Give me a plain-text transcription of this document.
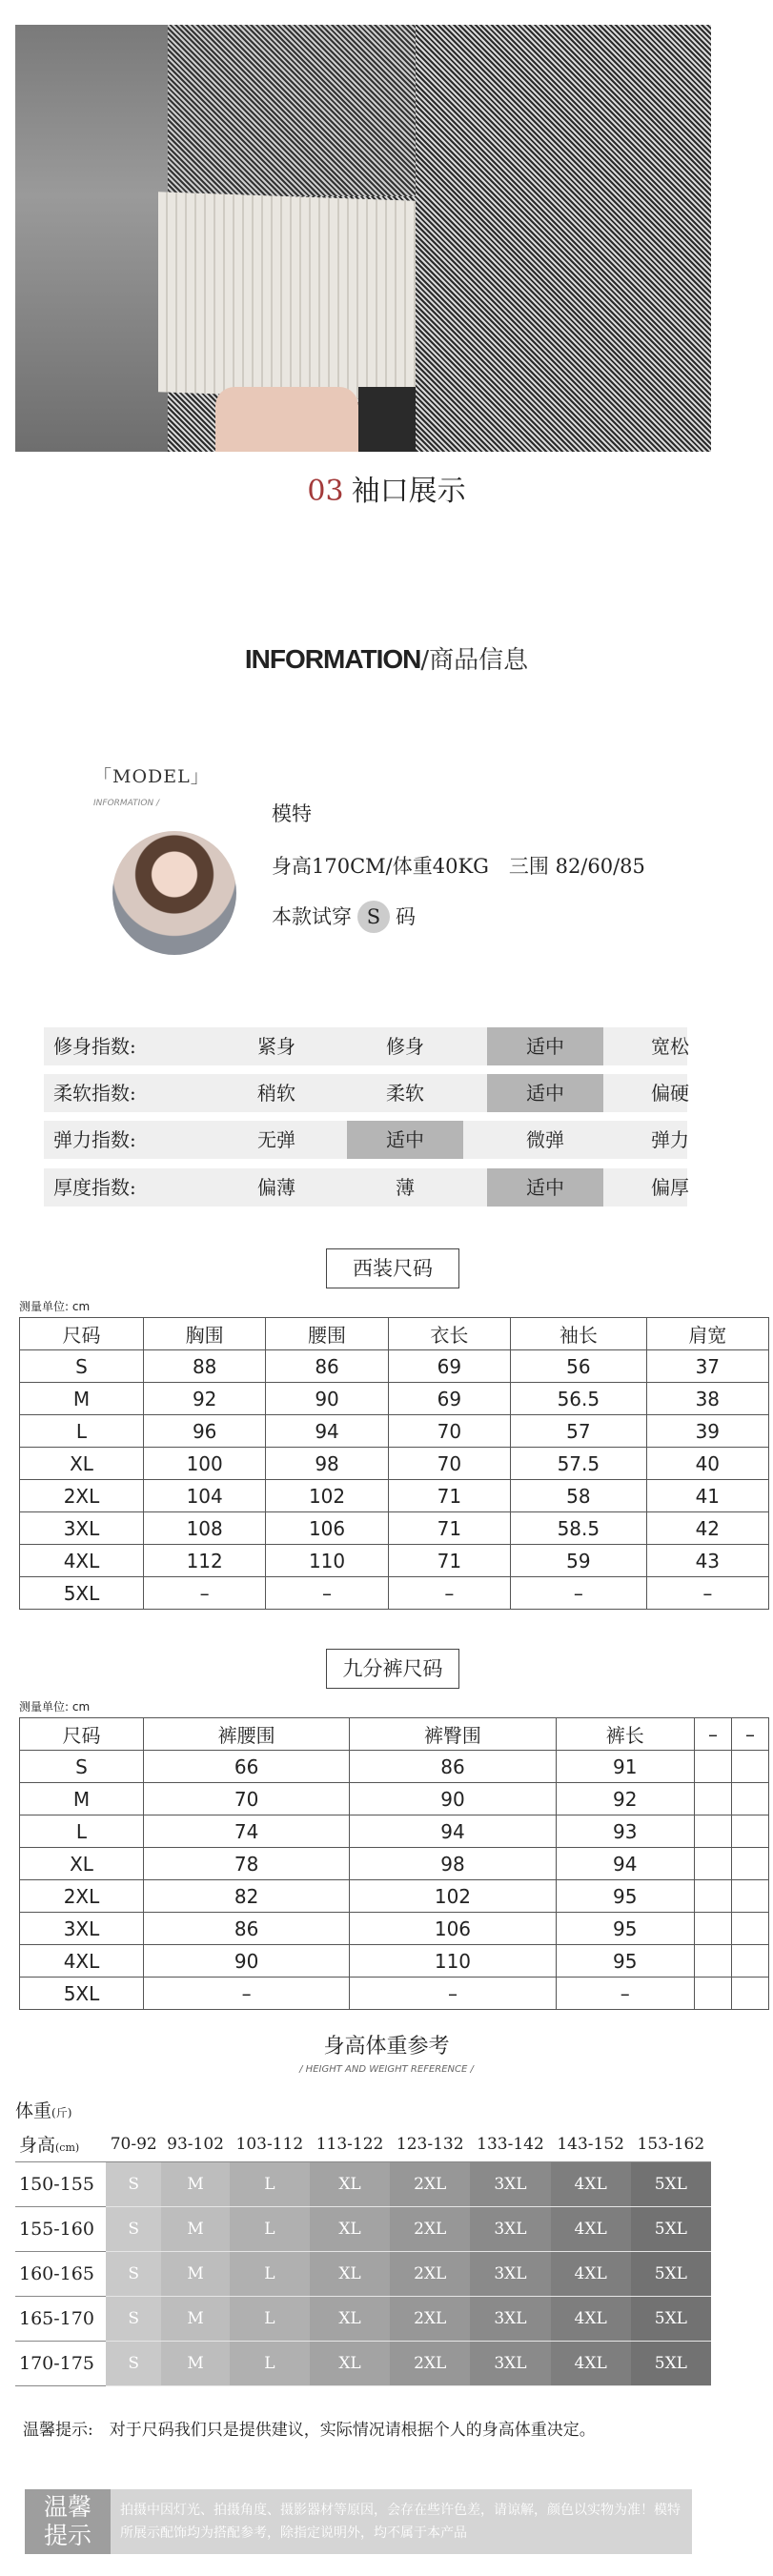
03 袖口展示
INFORMATION/商品信息
「MODEL」
INFORMATION /	模特
身高170CM/体重40KG　三围 82/60/85
本款试穿 S 码
修身指数:	紧身	修身	适中	宽松
柔软指数:	稍软	柔软	适中	偏硬
弹力指数:	无弹	适中	微弹	弹力
厚度指数:	偏薄	薄	适中	偏厚
西装尺码
测量单位: cm
尺码	胸围	腰围	衣长	袖长	肩宽
S	88	86	69	56	37
M	92	90	69	56.5	38
L	96	94	70	57	39
XL	100	98	70	57.5	40
2XL	104	102	71	58	41
3XL	108	106	71	58.5	42
4XL	112	110	71	59	43
5XL	–	–	–	–	–
九分裤尺码
测量单位: cm
尺码	裤腰围	裤臀围	裤长	–	–
S	66	86	91		
M	70	90	92		
L	74	94	93		
XL	78	98	94		
2XL	82	102	95		
3XL	86	106	95		
4XL	90	110	95		
5XL	–	–	–		
身高体重参考
/ HEIGHT AND WEIGHT REFERENCE /
体重(斤)
身高(cm)	70-92	93-102	103-112	113-122	123-132	133-142	143-152	153-162
150-155	S	M	L	XL	2XL	3XL	4XL	5XL
155-160	S	M	L	XL	2XL	3XL	4XL	5XL
160-165	S	M	L	XL	2XL	3XL	4XL	5XL
165-170	S	M	L	XL	2XL	3XL	4XL	5XL
170-175	S	M	L	XL	2XL	3XL	4XL	5XL
温馨提示:　对于尺码我们只是提供建议，实际情况请根据个人的身高体重决定。
温馨
提示
拍摄中因灯光、拍摄角度、摄影器材等原因，会存在些许色差，请谅解，颜色以实物为准！模特所展示配饰均为搭配参考，除指定说明外，均不属于本产品
